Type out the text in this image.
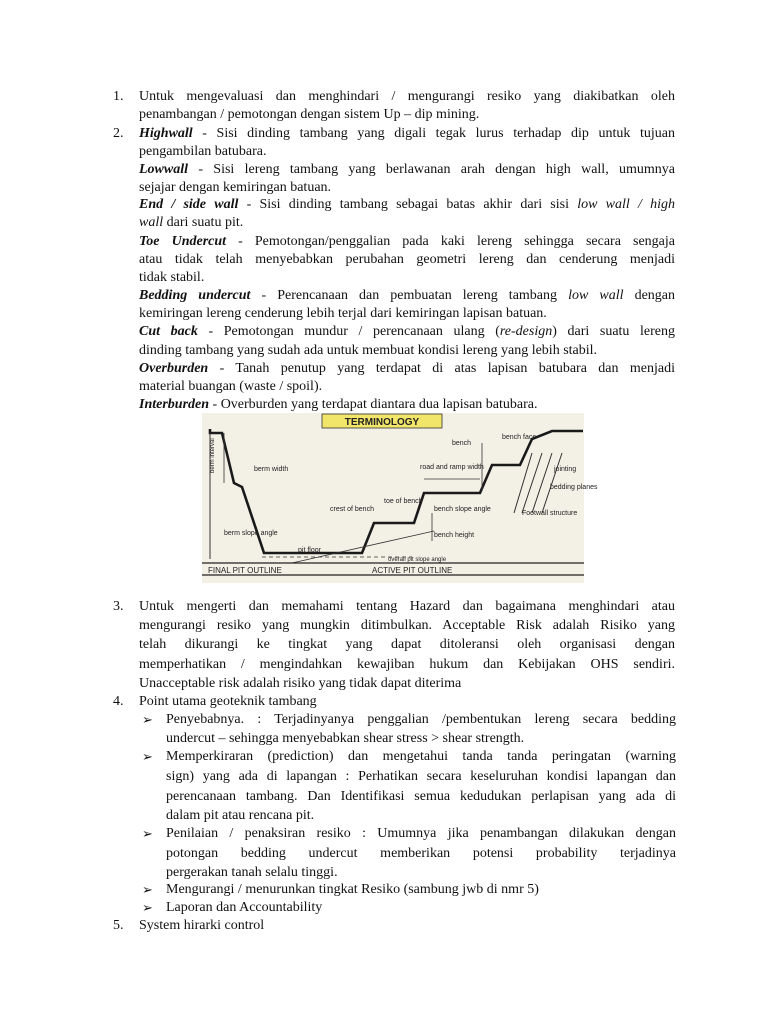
1. Untuk mengevaluasi dan menghindari / mengurangi resiko yang diakibatkan oleh
penambangan / pemotongan dengan sistem Up – dip mining.
2. Highwall - Sisi dinding tambang yang digali tegak lurus terhadap dip untuk tujuan
pengambilan batubara.
Lowwall - Sisi lereng tambang yang berlawanan arah dengan high wall, umumnya
sejajar dengan kemiringan batuan.
End / side wall - Sisi dinding tambang sebagai batas akhir dari sisi low wall / high
wall dari suatu pit.
Toe Undercut - Pemotongan/penggalian pada kaki lereng sehingga secara sengaja
atau tidak telah menyebabkan perubahan geometri lereng dan cenderung menjadi
tidak stabil.
Bedding undercut - Perencanaan dan pembuatan lereng tambang low wall dengan
kemiringan lereng cenderung lebih terjal dari kemiringan lapisan batuan.
Cut back - Pemotongan mundur / perencanaan ulang (re-design) dari suatu lereng
dinding tambang yang sudah ada untuk membuat kondisi lereng yang lebih stabil.
Overburden - Tanah penutup yang terdapat di atas lapisan batubara dan menjadi
material buangan (waste / spoil).
Interburden - Overburden yang terdapat diantara dua lapisan batubara.
TERMINOLOGY
berm interval	berm width
bench
bench face
road and ramp width	jointing
bedding planes
Footwall structure
toe of bench
crest of bench	bench slope angle
bench height
berm slope angle
pit floor
overall pit slope angle
FINAL PIT OUTLINE	ACTIVE PIT OUTLINE
3. Untuk mengerti dan memahami tentang Hazard dan bagaimana menghindari atau
mengurangi resiko yang mungkin ditimbulkan. Acceptable Risk adalah Risiko yang
telah dikurangi ke tingkat yang dapat ditoleransi oleh organisasi dengan
memperhatikan / mengindahkan kewajiban hukum dan Kebijakan OHS sendiri.
Unacceptable risk adalah risiko yang tidak dapat diterima
4. Point utama geoteknik tambang
➢ Penyebabnya. : Terjadinyanya penggalian /pembentukan lereng secara bedding
undercut – sehingga menyebabkan shear stress > shear strength.
➢ Memperkiraran (prediction) dan mengetahui tanda tanda peringatan (warning
sign) yang ada di lapangan : Perhatikan secara keseluruhan kondisi lapangan dan
perencanaan tambang. Dan Identifikasi semua kedudukan perlapisan yang ada di
dalam pit atau rencana pit.
➢ Penilaian / penaksiran resiko : Umumnya jika penambangan dilakukan dengan
potongan bedding undercut memberikan potensi probability terjadinya
pergerakan tanah selalu tinggi.
➢ Mengurangi / menurunkan tingkat Resiko (sambung jwb di nmr 5)
➢ Laporan dan Accountability
5. System hirarki control
